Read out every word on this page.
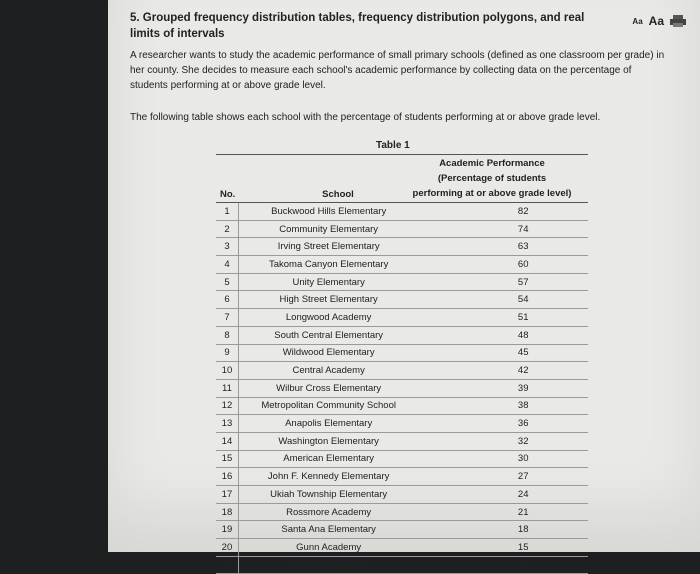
5. Grouped frequency distribution tables, frequency distribution polygons, and real limits of intervals
Aa Aa
A researcher wants to study the academic performance of small primary schools (defined as one classroom per grade) in her county. She decides to measure each school's academic performance by collecting data on the percentage of students performing at or above grade level.
The following table shows each school with the percentage of students performing at or above grade level.
Table 1
No.	School
Academic Performance
(Percentage of students
performing at or above grade level)
1	Buckwood Hills Elementary	82
2	Community Elementary	74
3	Irving Street Elementary	63
4	Takoma Canyon Elementary	60
5	Unity Elementary	57
6	High Street Elementary	54
7	Longwood Academy	51
8	South Central Elementary	48
9	Wildwood Elementary	45
10	Central Academy	42
11	Wilbur Cross Elementary	39
12	Metropolitan Community School	38
13	Anapolis Elementary	36
14	Washington Elementary	32
15	American Elementary	30
16	John F. Kennedy Elementary	27
17	Ukiah Township Elementary	24
18	Rossmore Academy	21
19	Santa Ana Elementary	18
20	Gunn Academy	15
21	Monroe Elementary	12
